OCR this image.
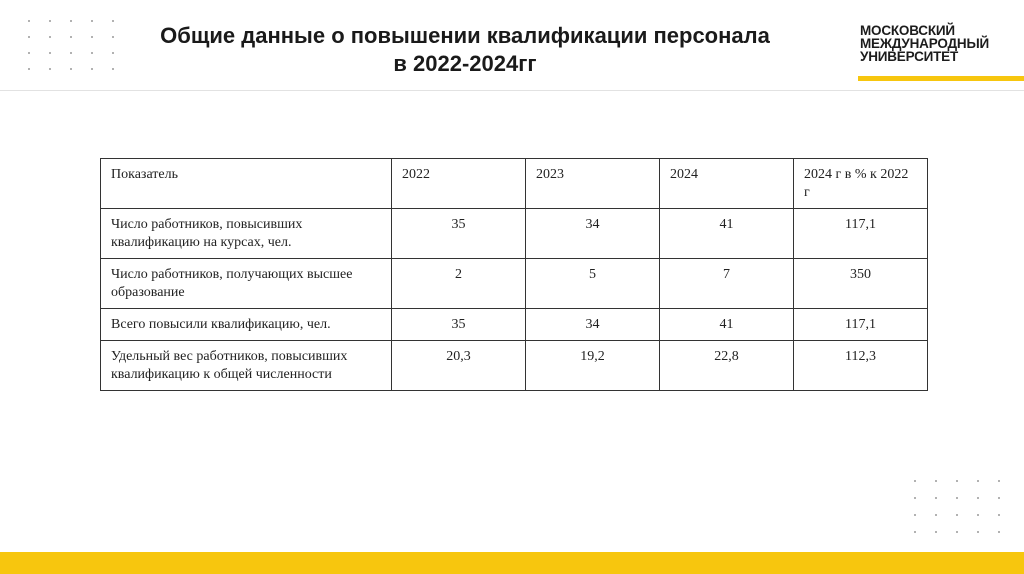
Общие данные о повышении квалификации персонала
в 2022-2024гг
МОСКОВСКИЙ
МЕЖДУНАРОДНЫЙ
УНИВЕРСИТЕТ
Показатель	2022	2023	2024	2024 г в % к 2022 г
Число работников, повысивших квалификацию на курсах, чел.	35	34	41	117,1
Число работников, получающих высшее образование	2	5	7	350
Всего повысили квалификацию, чел.	35	34	41	117,1
Удельный вес работников, повысивших квалификацию к общей численности	20,3	19,2	22,8	112,3
